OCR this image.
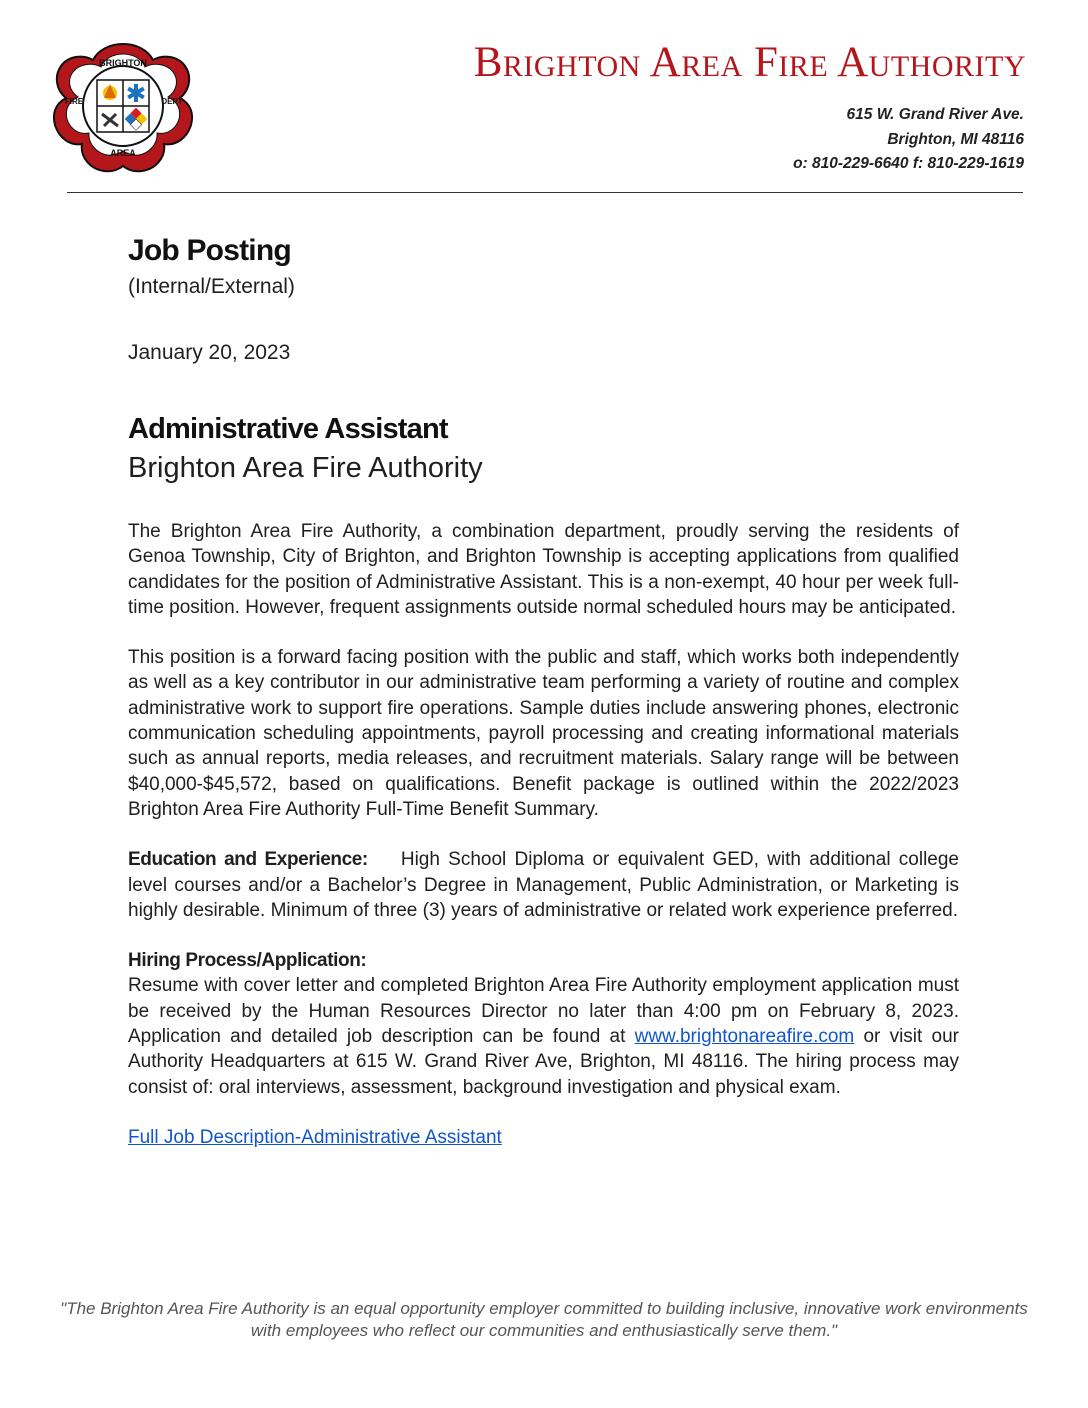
BRIGHTON
AREA
FIRE	DEPT
Brighton Area Fire Authority
615 W. Grand River Ave.
Brighton, MI 48116
o: 810-229-6640 f: 810-229-1619
Job Posting
(Internal/External)
January 20, 2023
Administrative Assistant
Brighton Area Fire Authority

The Brighton Area Fire Authority, a combination department, proudly serving the residents of Genoa Township, City of Brighton, and Brighton Township is accepting applications from qualified candidates for the position of Administrative Assistant. This is a non-exempt, 40 hour per week full-time position. However, frequent assignments outside normal scheduled hours may be anticipated.

This position is a forward facing position with the public and staff, which works both independently as well as a key contributor in our administrative team performing a variety of routine and complex administrative work to support fire operations. Sample duties include answering phones, electronic communication scheduling appointments, payroll processing and creating informational materials such as annual reports, media releases, and recruitment materials. Salary range will be between $40,000-$45,572, based on qualifications. Benefit package is outlined within the 2022/2023 Brighton Area Fire Authority Full-Time Benefit Summary.

Education and Experience: High School Diploma or equivalent GED, with additional college level courses and/or a Bachelor’s Degree in Management, Public Administration, or Marketing is highly desirable. Minimum of three (3) years of administrative or related work experience preferred.

Hiring Process/Application:
Resume with cover letter and completed Brighton Area Fire Authority employment application must be received by the Human Resources Director no later than 4:00 pm on February 8, 2023. Application and detailed job description can be found at www.brightonareafire.com or visit our Authority Headquarters at 615 W. Grand River Ave, Brighton, MI 48116. The hiring process may consist of: oral interviews, assessment, background investigation and physical exam.

Full Job Description-Administrative Assistant

"The Brighton Area Fire Authority is an equal opportunity employer committed to building inclusive, innovative work environments with employees who reflect our communities and enthusiastically serve them."
